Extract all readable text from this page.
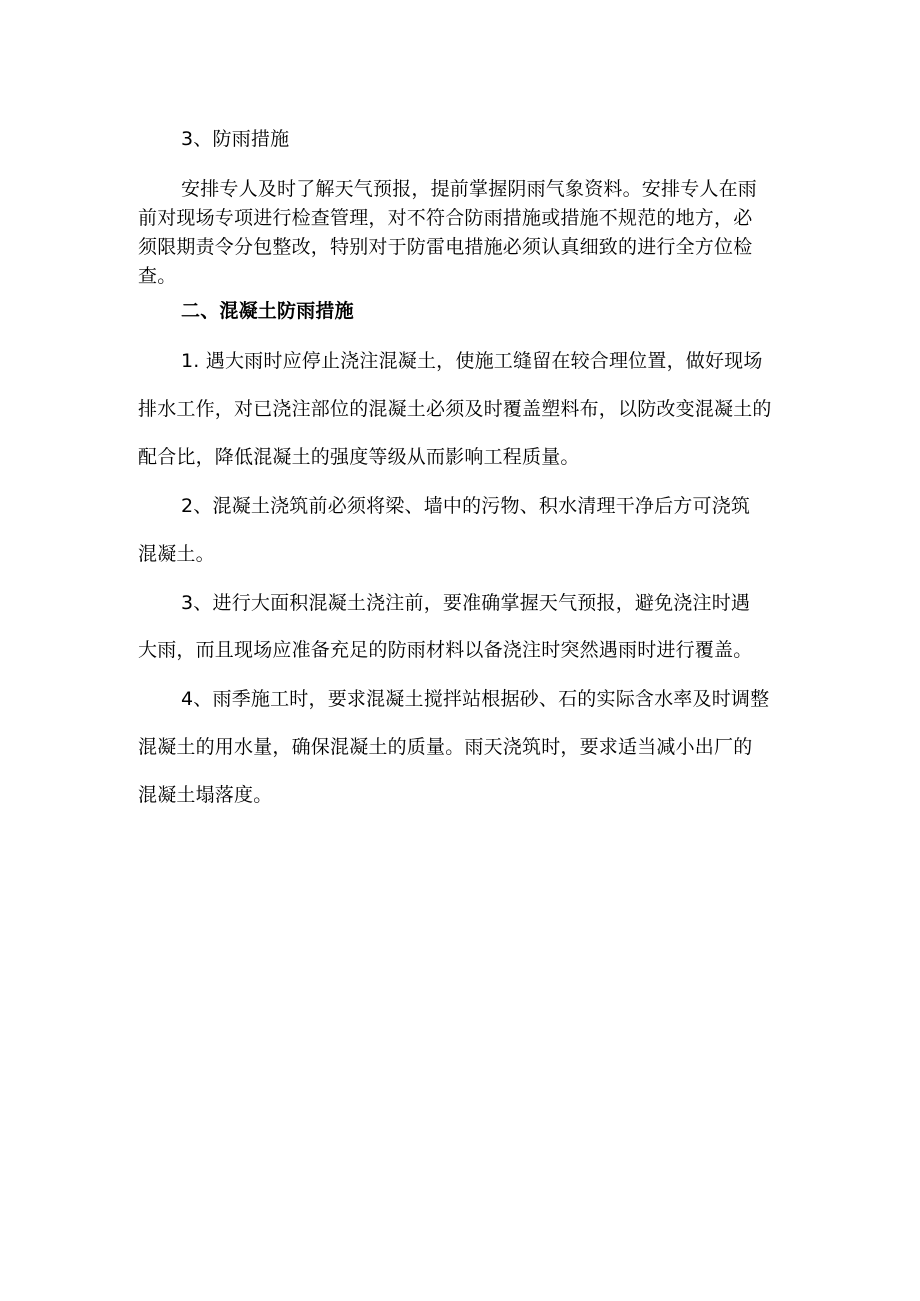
3、防雨措施

安排专人及时了解天气预报，提前掌握阴雨气象资料。安排专人在雨

前对现场专项进行检查管理，对不符合防雨措施或措施不规范的地方，必

须限期责令分包整改，特别对于防雷电措施必须认真细致的进行全方位检

查。

二、混凝土防雨措施

1. 遇大雨时应停止浇注混凝土，使施工缝留在较合理位置，做好现场

排水工作，对已浇注部位的混凝土必须及时覆盖塑料布，以防改变混凝土的

配合比，降低混凝土的强度等级从而影响工程质量。

2、混凝土浇筑前必须将梁、墙中的污物、积水清理干净后方可浇筑

混凝土。

3、进行大面积混凝土浇注前，要准确掌握天气预报，避免浇注时遇

大雨，而且现场应准备充足的防雨材料以备浇注时突然遇雨时进行覆盖。

4、雨季施工时，要求混凝土搅拌站根据砂、石的实际含水率及时调整

混凝土的用水量，确保混凝土的质量。雨天浇筑时，要求适当减小出厂的

混凝土塌落度。
